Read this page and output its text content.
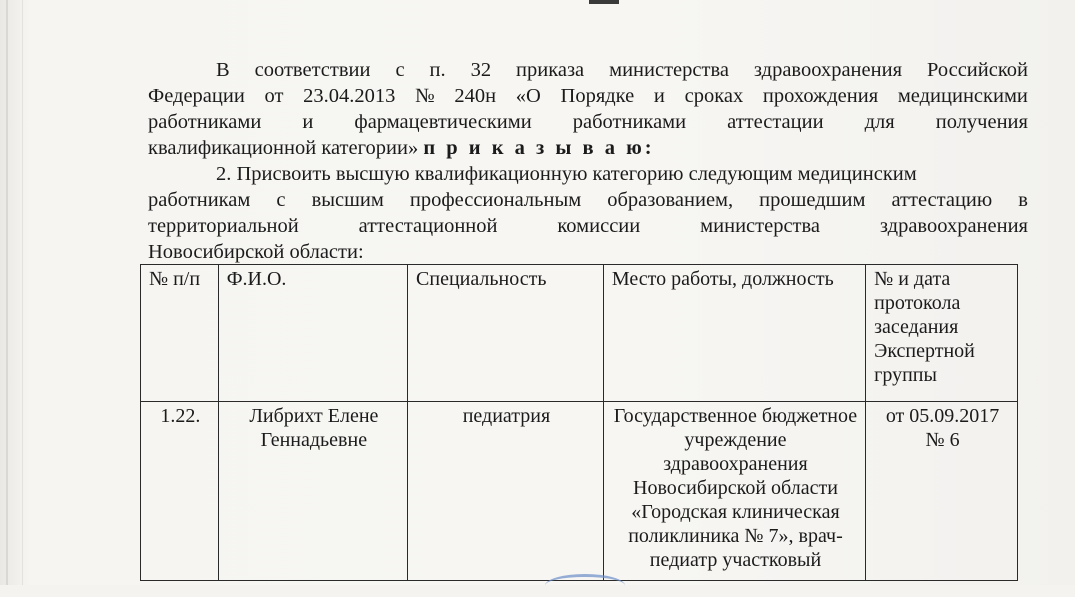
В соответствии с п. 32 приказа министерства здравоохранения Российской
Федерации от 23.04.2013 № 240н «О Порядке и сроках прохождения медицинскими
работниками и фармацевтическими работниками аттестации для получения
квалификационной категории»
п р и к а з ы в а ю:
2. Присвоить высшую квалификационную категорию следующим медицинским
работникам с высшим профессиональным образованием, прошедшим аттестацию в
территориальной	аттестационной	комиссии	министерства	здравоохранения
Новосибирской области:
№ п/п	Ф.И.О.	Специальность	Место работы, должность	№ и дата протокола заседания Экспертной группы
1.22.	Либрихт Елене Геннадьевне	педиатрия	Государственное бюджетное учреждение здравоохранения Новосибирской области «Городская клиническая поликлиника № 7», врач-педиатр участковый	от 05.09.2017 № 6
